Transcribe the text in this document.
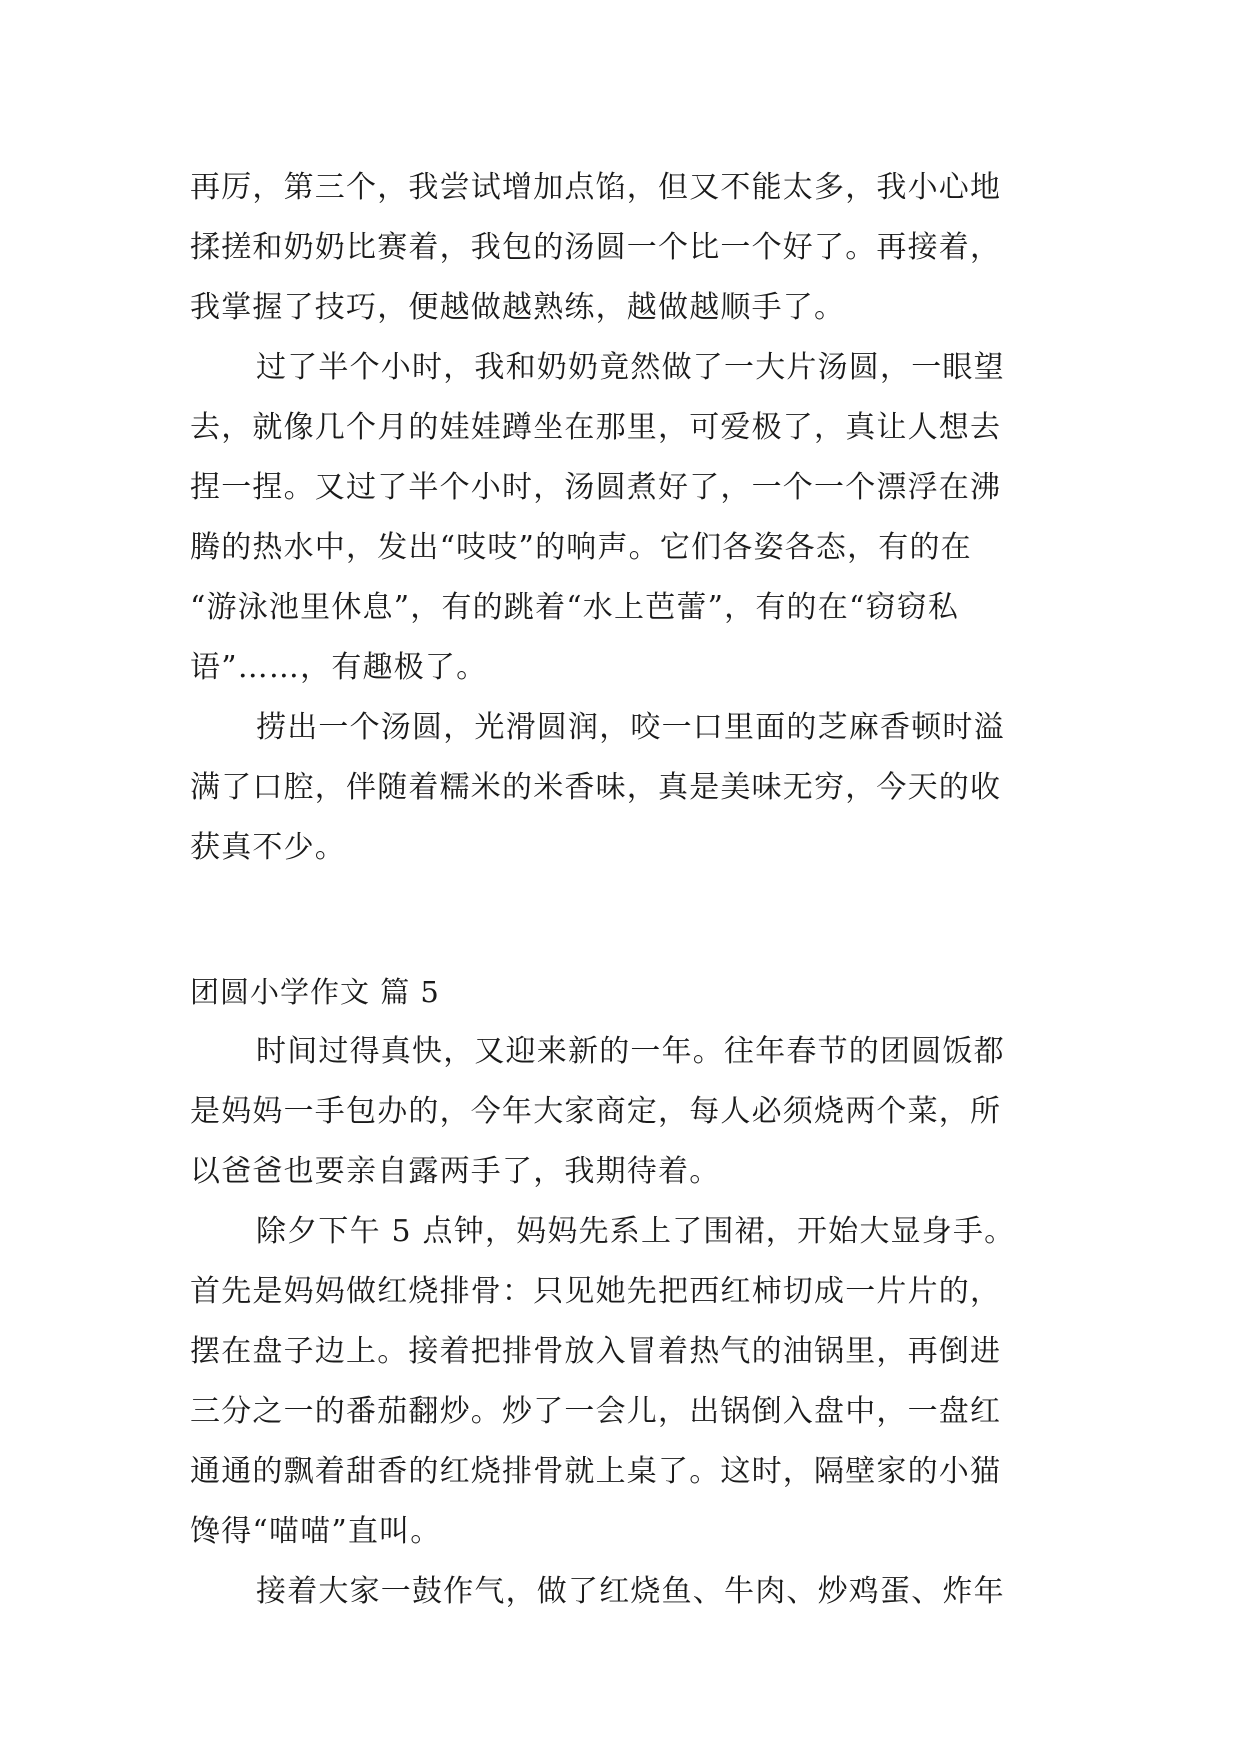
再厉，第三个，我尝试增加点馅，但又不能太多，我小心地
揉搓和奶奶比赛着，我包的汤圆一个比一个好了。再接着，
我掌握了技巧，便越做越熟练，越做越顺手了。
过了半个小时，我和奶奶竟然做了一大片汤圆，一眼望
去，就像几个月的娃娃蹲坐在那里，可爱极了，真让人想去
捏一捏。又过了半个小时，汤圆煮好了，一个一个漂浮在沸
腾的热水中，发出“吱吱”的响声。它们各姿各态，有的在
“游泳池里休息”，有的跳着“水上芭蕾”，有的在“窃窃私
语”……，有趣极了。
捞出一个汤圆，光滑圆润，咬一口里面的芝麻香顿时溢
满了口腔，伴随着糯米的米香味，真是美味无穷，今天的收
获真不少。
团圆小学作文 篇 5
时间过得真快，又迎来新的一年。往年春节的团圆饭都
是妈妈一手包办的，今年大家商定，每人必须烧两个菜，所
以爸爸也要亲自露两手了，我期待着。
除夕下午 5 点钟，妈妈先系上了围裙，开始大显身手。
首先是妈妈做红烧排骨：只见她先把西红柿切成一片片的，
摆在盘子边上。接着把排骨放入冒着热气的油锅里，再倒进
三分之一的番茄翻炒。炒了一会儿，出锅倒入盘中，一盘红
通通的飘着甜香的红烧排骨就上桌了。这时，隔壁家的小猫
馋得“喵喵”直叫。
接着大家一鼓作气，做了红烧鱼、牛肉、炒鸡蛋、炸年
